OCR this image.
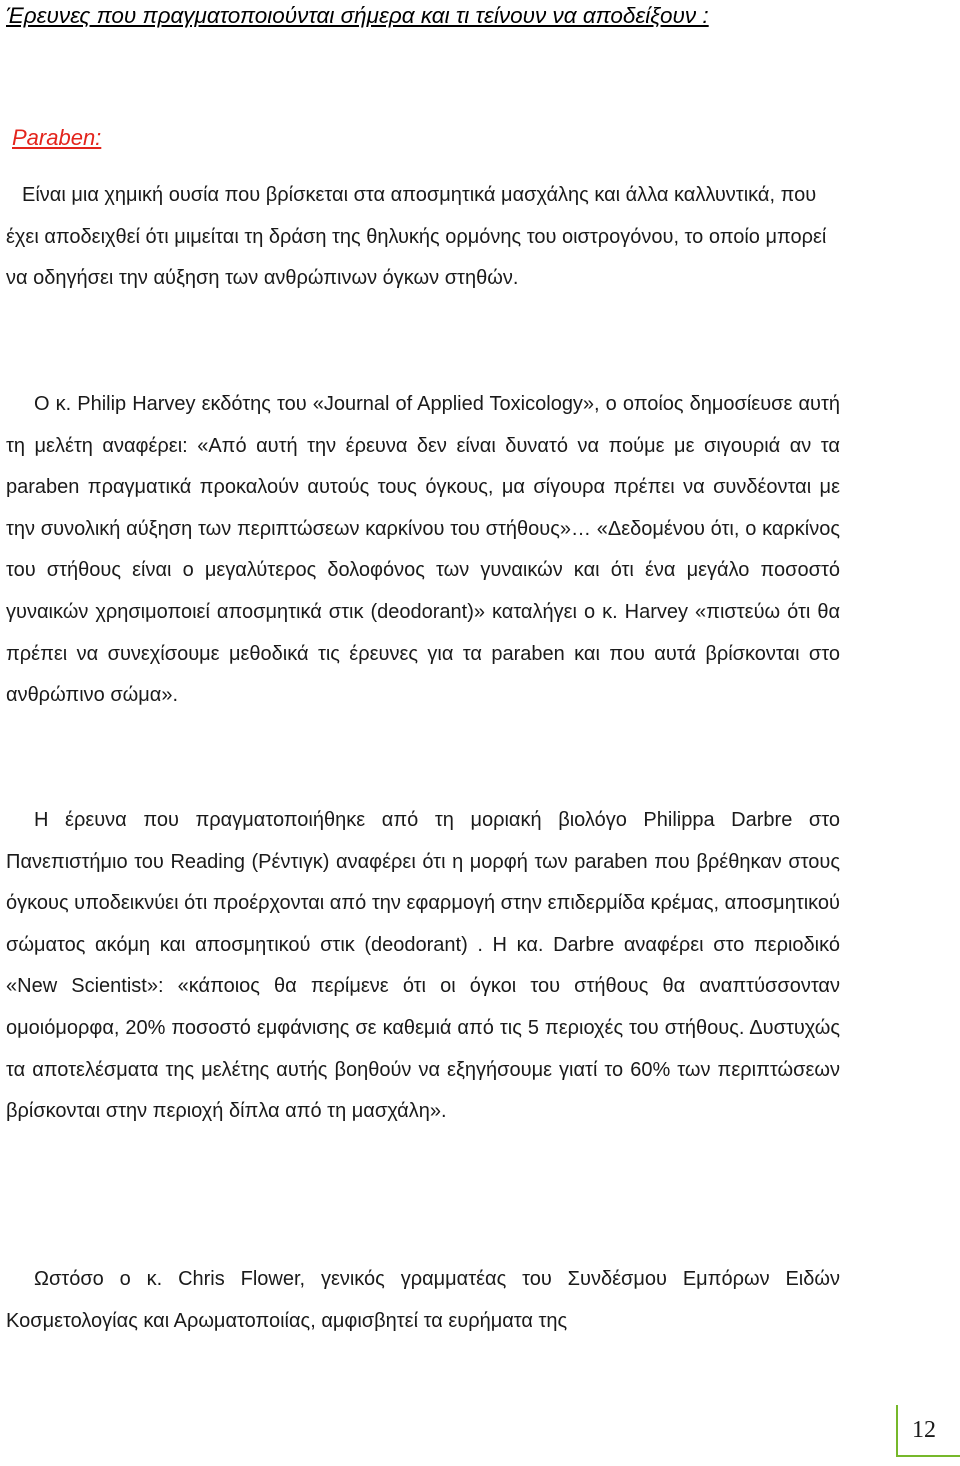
Έρευνες που πραγματοποιούνται σήμερα και τι τείνουν να αποδείξουν :
Paraben:

Είναι μια χημική ουσία που βρίσκεται στα αποσμητικά μασχάλης και άλλα καλλυντικά, που έχει αποδειχθεί ότι μιμείται τη δράση της θηλυκής ορμόνης του οιστρογόνου, το οποίο μπορεί να οδηγήσει την αύξηση των ανθρώπινων όγκων στηθών.

Ο κ. Philip Harvey εκδότης του «Journal of Applied Toxicology», ο οποίος δημοσίευσε αυτή τη μελέτη αναφέρει: «Από αυτή την έρευνα δεν είναι δυνατό να πούμε με σιγουριά αν τα paraben πραγματικά προκαλούν αυτούς τους όγκους, μα σίγουρα πρέπει να συνδέονται με την συνολική αύξηση των περιπτώσεων καρκίνου του στήθους»… «Δεδομένου ότι, ο καρκίνος του στήθους είναι ο μεγαλύτερος δολοφόνος των γυναικών και ότι ένα μεγάλο ποσοστό γυναικών χρησιμοποιεί αποσμητικά στικ (deodorant)» καταλήγει ο κ. Harvey «πιστεύω ότι θα πρέπει να συνεχίσουμε μεθοδικά τις έρευνες για τα paraben και που αυτά βρίσκονται στο ανθρώπινο σώμα».

Η έρευνα που πραγματοποιήθηκε από τη μοριακή βιολόγο Philippa Darbre στο Πανεπιστήμιο του Reading (Ρέντιγκ) αναφέρει ότι η μορφή των paraben που βρέθηκαν στους όγκους υποδεικνύει ότι προέρχονται από την εφαρμογή στην επιδερμίδα κρέμας, αποσμητικού σώματος ακόμη και αποσμητικού στικ (deodorant) . Η κα. Darbre αναφέρει στο περιοδικό «New Scientist»: «κάποιος θα περίμενε ότι οι όγκοι του στήθους θα αναπτύσσονταν ομοιόμορφα, 20% ποσοστό εμφάνισης σε καθεμιά από τις 5 περιοχές του στήθους. Δυστυχώς τα αποτελέσματα της μελέτης αυτής βοηθούν να εξηγήσουμε γιατί το 60% των περιπτώσεων βρίσκονται στην περιοχή δίπλα από τη μασχάλη».

Ωστόσο ο κ. Chris Flower, γενικός γραμματέας του Συνδέσμου Εμπόρων Ειδών Κοσμετολογίας και Αρωματοποιίας, αμφισβητεί τα ευρήματα της

12
